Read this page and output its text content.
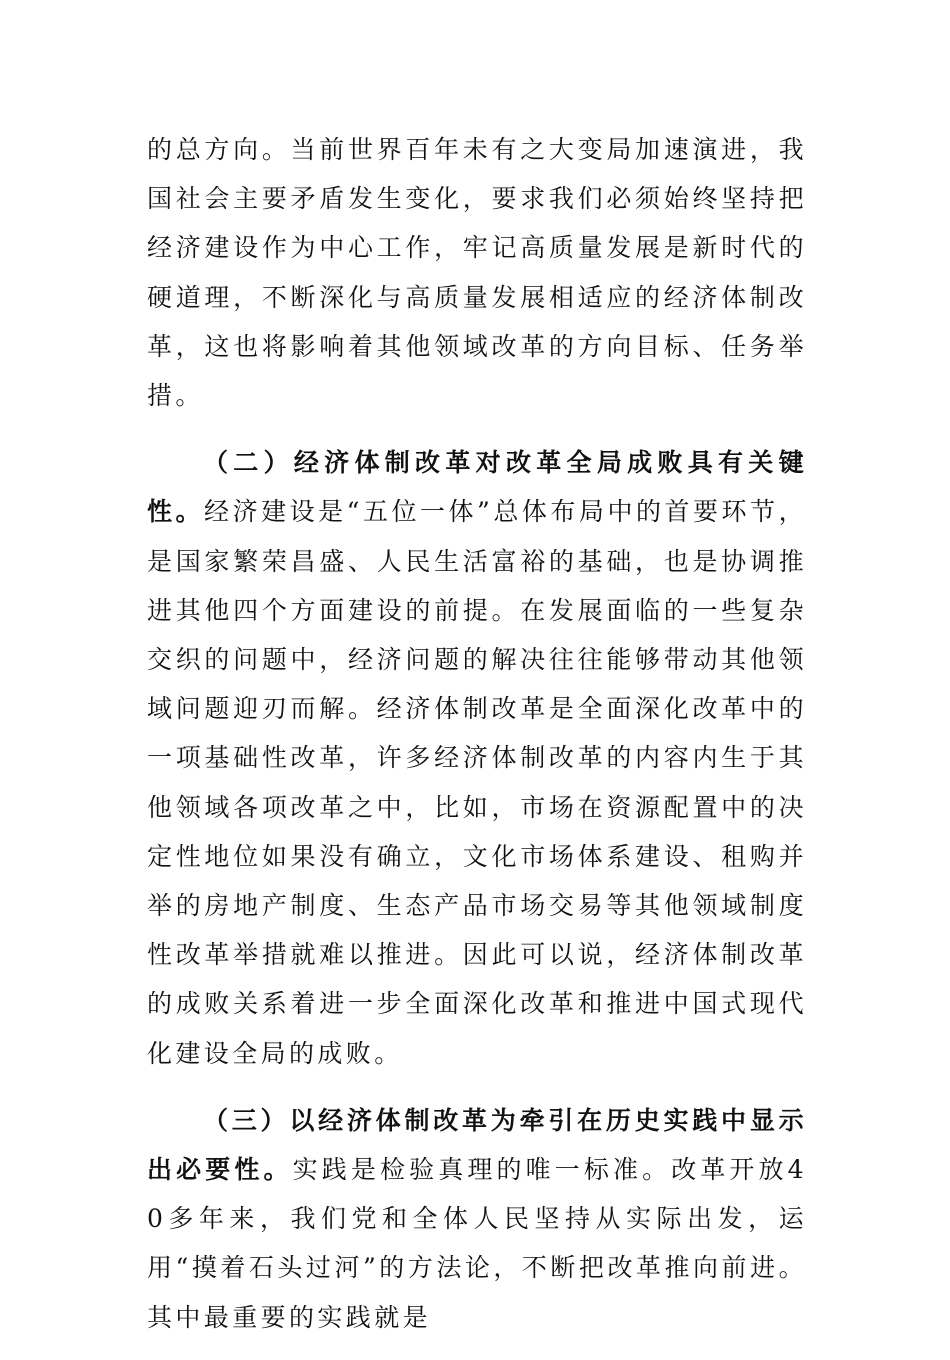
的总方向。当前世界百年未有之大变局加速演进，我国社会主要矛盾发生变化，要求我们必须始终坚持把经济建设作为中心工作，牢记高质量发展是新时代的硬道理，不断深化与高质量发展相适应的经济体制改革，这也将影响着其他领域改革的方向目标、任务举措。

（二）经济体制改革对改革全局成败具有关键性。经济建设是“五位一体”总体布局中的首要环节，是国家繁荣昌盛、人民生活富裕的基础，也是协调推进其他四个方面建设的前提。在发展面临的一些复杂交织的问题中，经济问题的解决往往能够带动其他领域问题迎刃而解。经济体制改革是全面深化改革中的一项基础性改革，许多经济体制改革的内容内生于其他领域各项改革之中，比如，市场在资源配置中的决定性地位如果没有确立，文化市场体系建设、租购并举的房地产制度、生态产品市场交易等其他领域制度性改革举措就难以推进。因此可以说，经济体制改革的成败关系着进一步全面深化改革和推进中国式现代化建设全局的成败。

（三）以经济体制改革为牵引在历史实践中显示出必要性。实践是检验真理的唯一标准。改革开放40多年来，我们党和全体人民坚持从实际出发，运用“摸着石头过河”的方法论，不断把改革推向前进。其中最重要的实践就是
